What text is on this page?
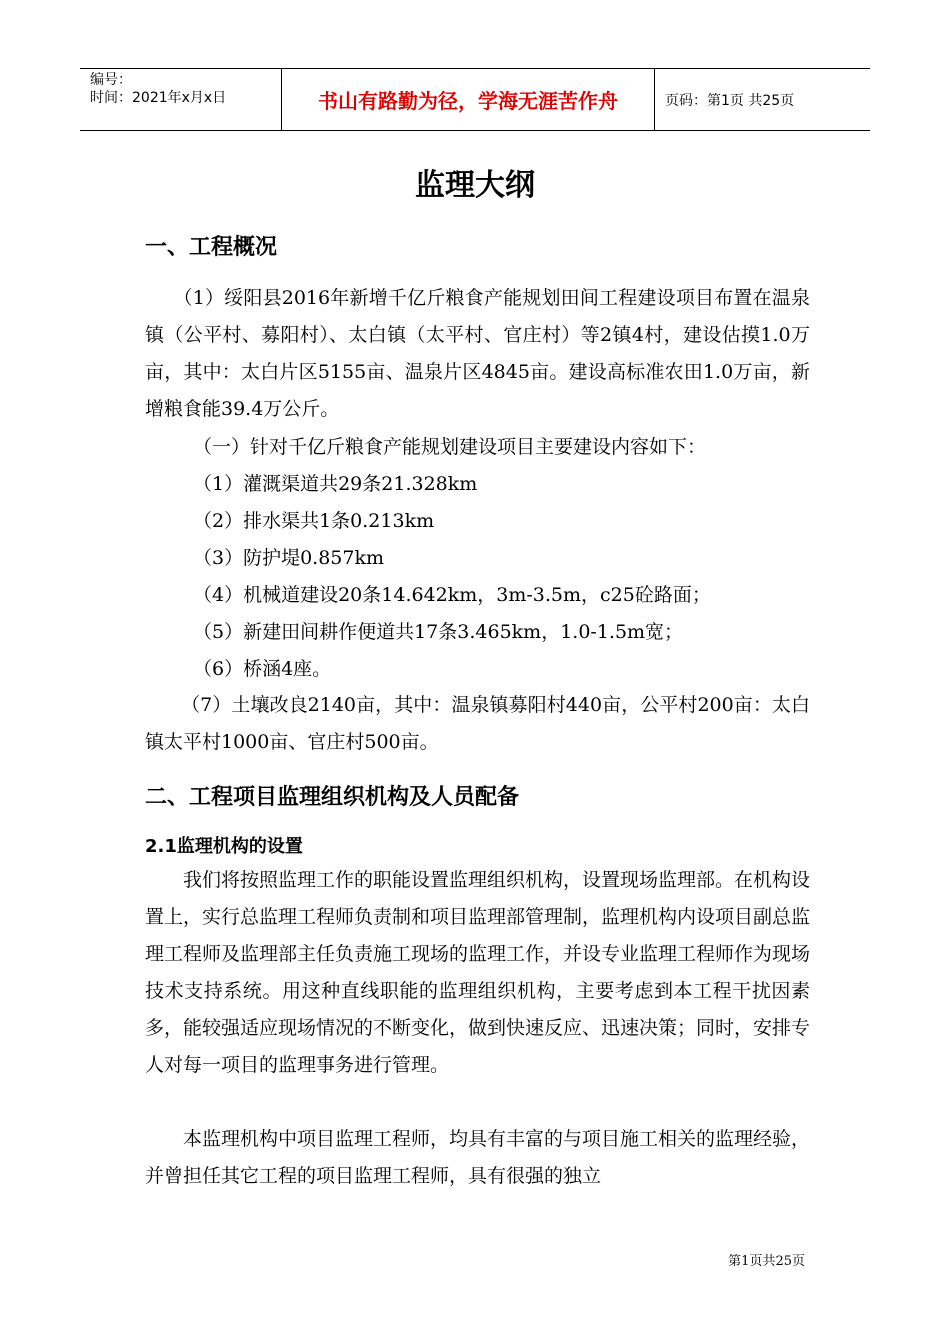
编号：
时间：2021年x月x日	书山有路勤为径，学海无涯苦作舟	页码：第1页 共25页
监理大纲
一、工程概况
（1）绥阳县2016年新增千亿斤粮食产能规划田间工程建设项目布置在温泉镇（公平村、募阳村）、太白镇（太平村、官庄村）等2镇4村，建设估摸1.0万亩，其中：太白片区5155亩、温泉片区4845亩。建设高标准农田1.0万亩，新增粮食能39.4万公斤。
（一）针对千亿斤粮食产能规划建设项目主要建设内容如下：
（1）灌溉渠道共29条21.328km
（2）排水渠共1条0.213km
（3）防护堤0.857km
（4）机械道建设20条14.642km，3m-3.5m，c25砼路面；
（5）新建田间耕作便道共17条3.465km，1.0-1.5m宽；
（6）桥涵4座。
（7）土壤改良2140亩，其中：温泉镇募阳村440亩，公平村200亩：太白镇太平村1000亩、官庄村500亩。
二、工程项目监理组织机构及人员配备
2.1监理机构的设置
我们将按照监理工作的职能设置监理组织机构，设置现场监理部。在机构设置上，实行总监理工程师负责制和项目监理部管理制，监理机构内设项目副总监理工程师及监理部主任负责施工现场的监理工作，并设专业监理工程师作为现场技术支持系统。用这种直线职能的监理组织机构，主要考虑到本工程干扰因素多，能较强适应现场情况的不断变化，做到快速反应、迅速决策；同时，安排专人对每一项目的监理事务进行管理。
本监理机构中项目监理工程师，均具有丰富的与项目施工相关的监理经验，并曾担任其它工程的项目监理工程师，具有很强的独立
第1页共25页
